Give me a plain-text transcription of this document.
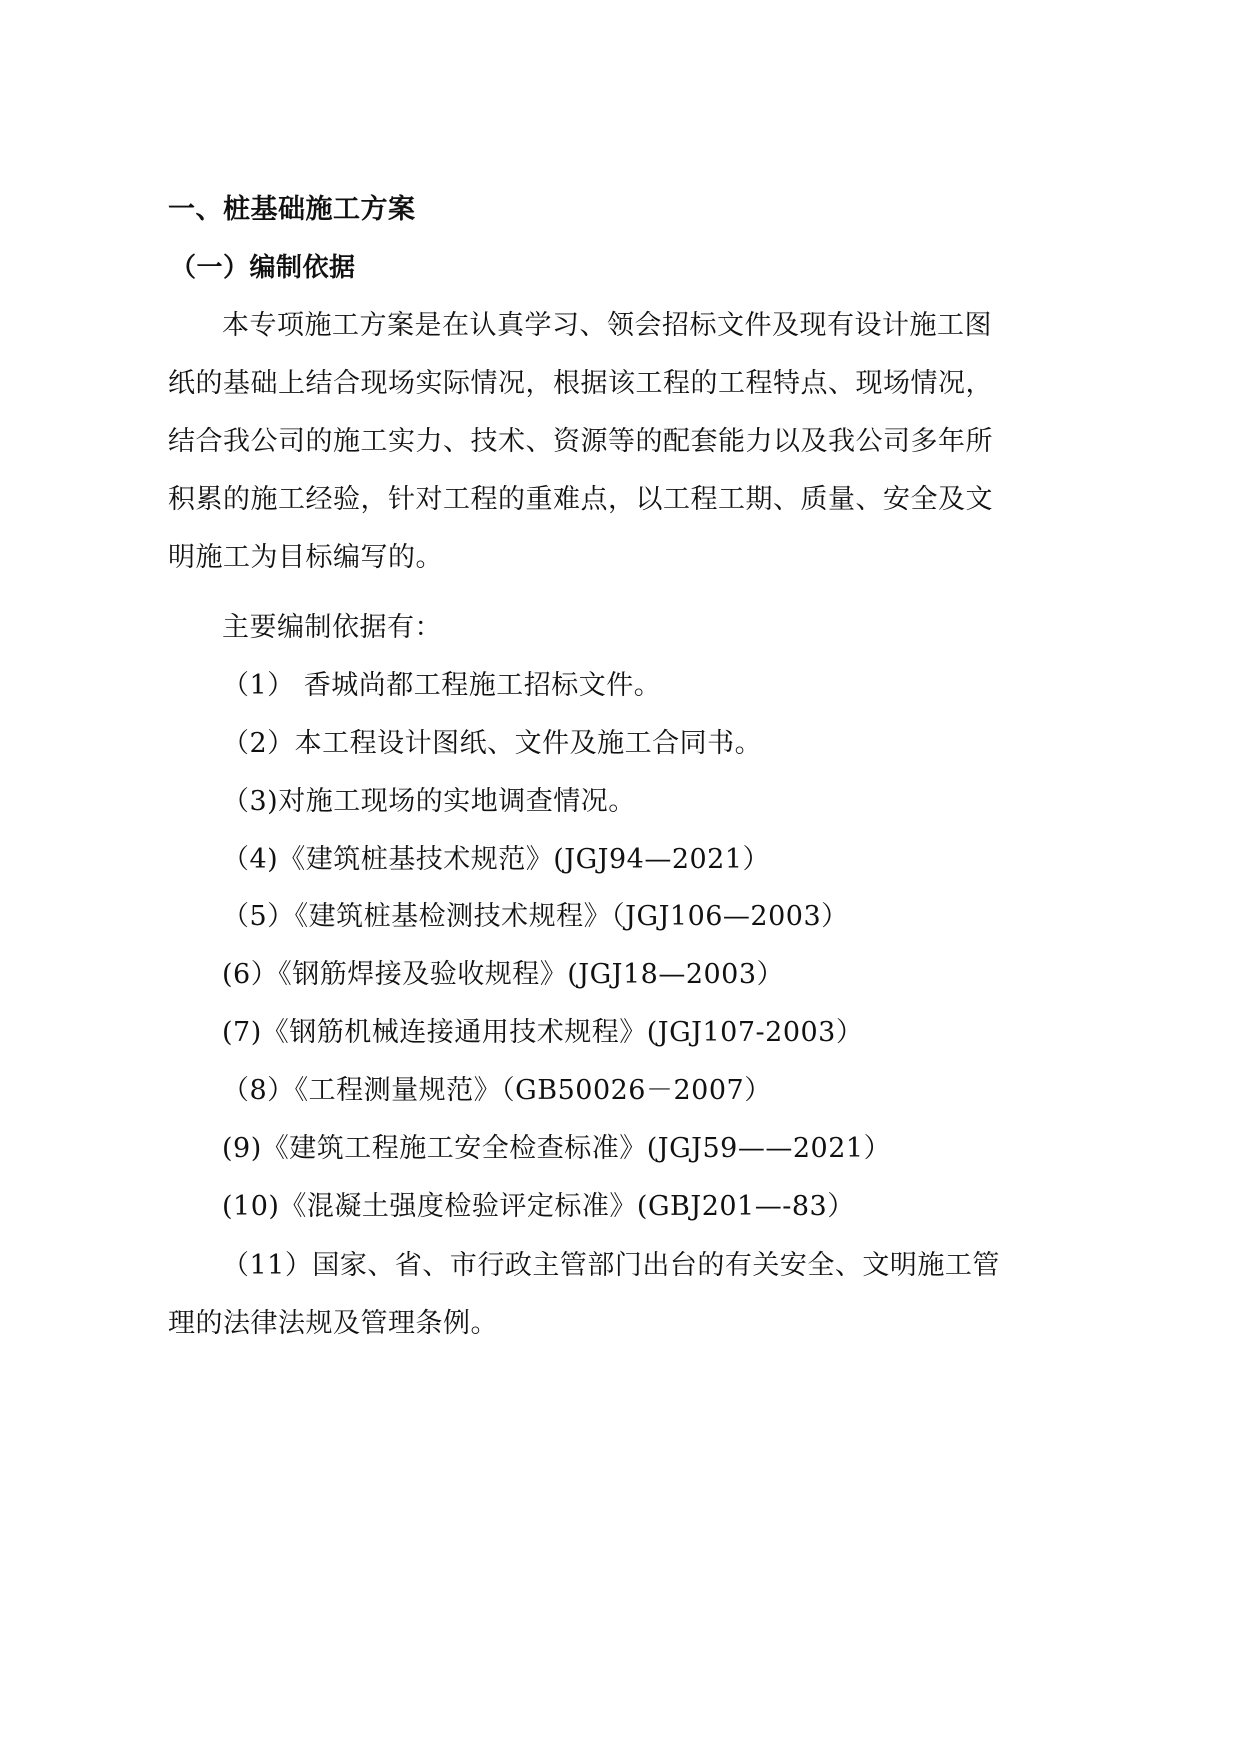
一、桩基础施工方案
（一）编制依据
本专项施工方案是在认真学习、领会招标文件及现有设计施工图
纸的基础上结合现场实际情况，根据该工程的工程特点、现场情况，
结合我公司的施工实力、技术、资源等的配套能力以及我公司多年所
积累的施工经验，针对工程的重难点，以工程工期、质量、安全及文
明施工为目标编写的。
主要编制依据有：
（1） 香城尚都工程施工招标文件。
（2）本工程设计图纸、文件及施工合同书。
（3)对施工现场的实地调查情况。
（4)《建筑桩基技术规范》(JGJ94—2021）
（5）《建筑桩基检测技术规程》（JGJ106—2003）
(6）《钢筋焊接及验收规程》(JGJ18—2003）
(7)《钢筋机械连接通用技术规程》(JGJ107-2003）
（8）《工程测量规范》（GB50026－2007）
(9)《建筑工程施工安全检查标准》(JGJ59——2021）
(10)《混凝土强度检验评定标准》(GBJ201—-83）
（11）国家、省、市行政主管部门出台的有关安全、文明施工管
理的法律法规及管理条例。
